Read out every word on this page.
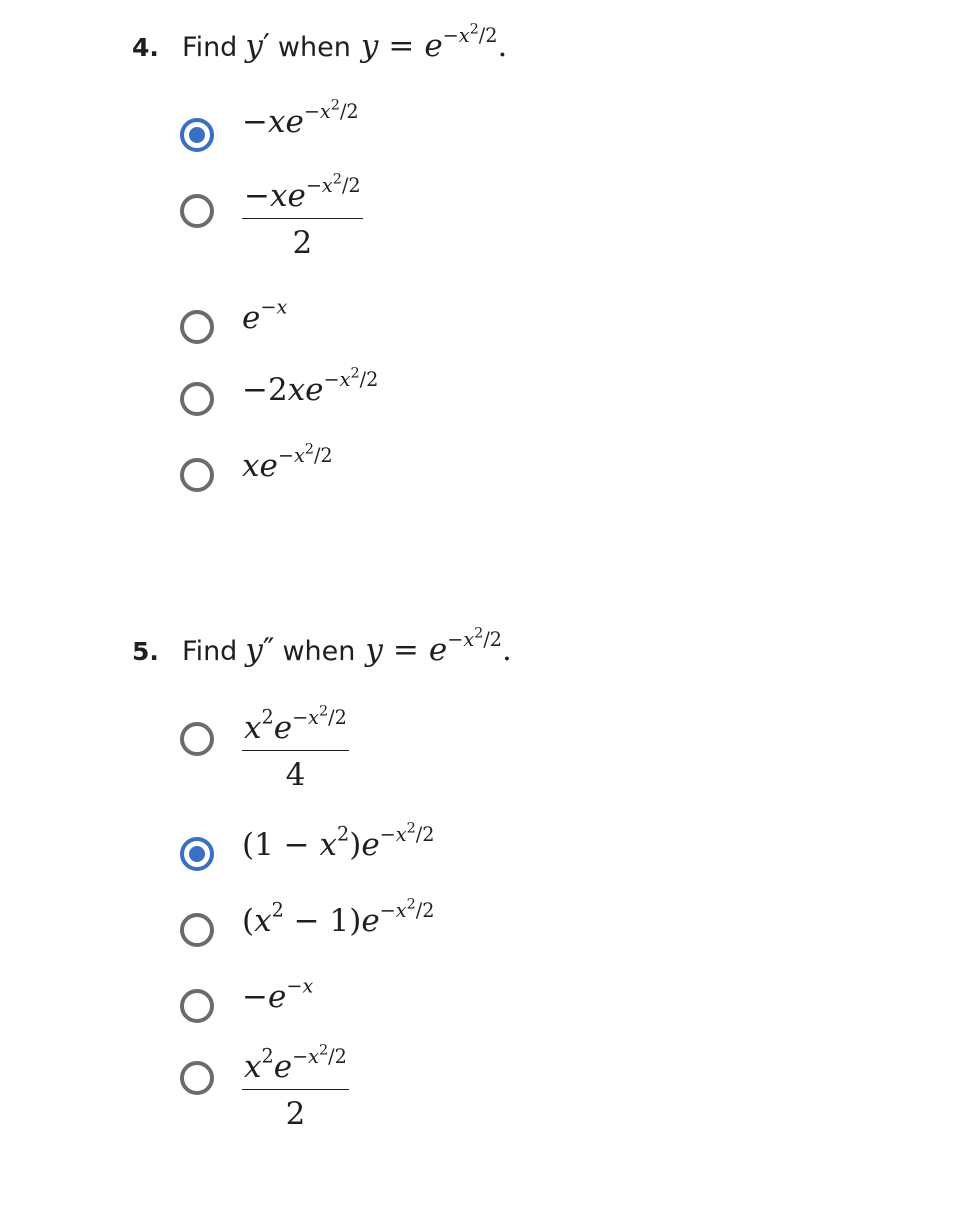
4. Find y′ when $y = e^{-x^2/2}$.
$-xe^{-x^2/2}$
$\frac{-xe^{-x^2/2}}{2}$
$e^{-x}$
$-2xe^{-x^2/2}$
$xe^{-x^2/2}$
5. Find y″ when $y = e^{-x^2/2}$.
$\frac{x^2e^{-x^2/2}}{4}$
$(1 - x^2)e^{-x^2/2}$
$(x^2 - 1)e^{-x^2/2}$
$-e^{-x}$
$\frac{x^2e^{-x^2/2}}{2}$
